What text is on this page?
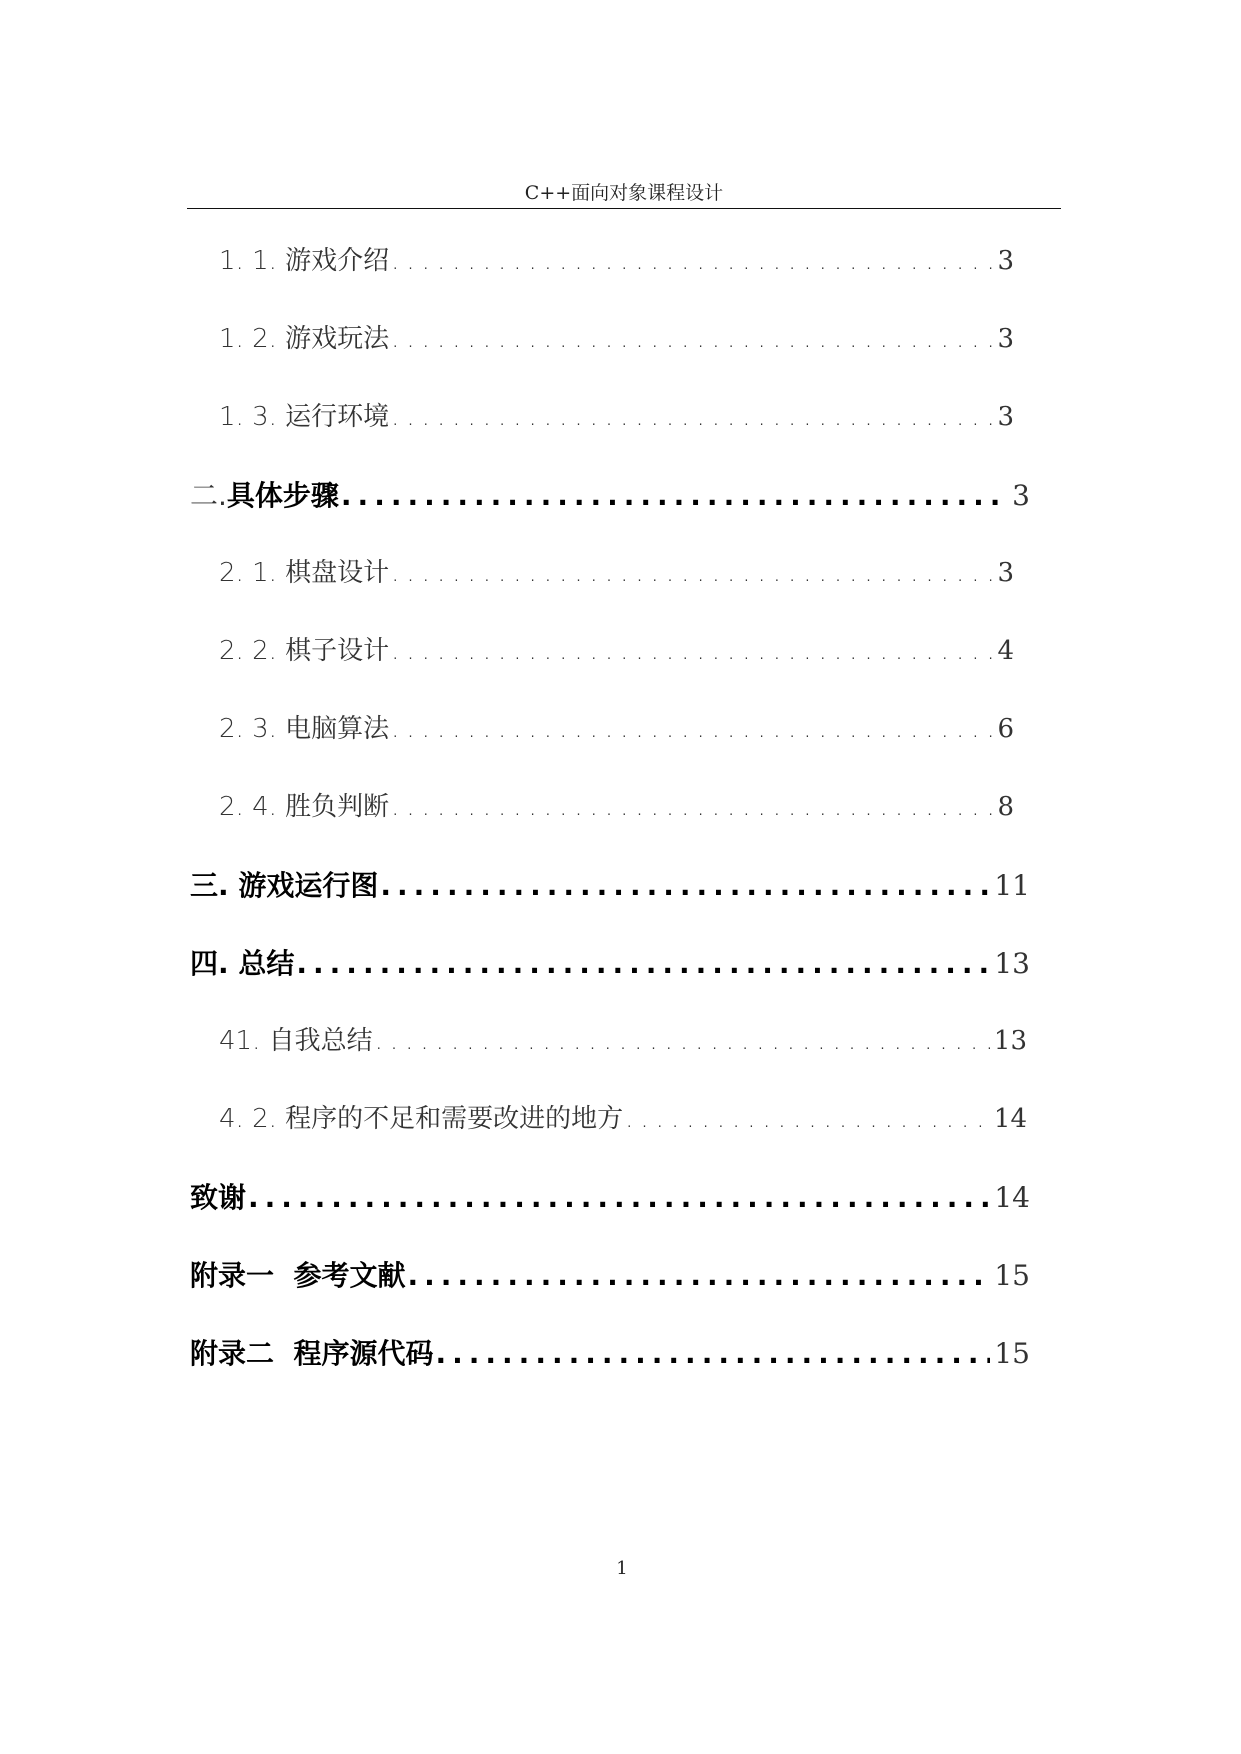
C++面向对象课程设计
1. 1. 游戏介绍 .....	3
1. 2. 游戏玩法 .....	3
1. 3. 运行环境 .....	3
二.具体步骤 .....	3
2. 1. 棋盘设计 .....	3
2. 2. 棋子设计 .....	4
2. 3. 电脑算法 .....	6
2. 4. 胜负判断 .....	8
三. 游戏运行图 .....	11
四. 总结 .....	13
41. 自我总结 .....	13
4. 2. 程序的不足和需要改进的地方 .....	14
致谢 .....	14
附录一  参考文献 .....	15
附录二  程序源代码 .....	15
1
